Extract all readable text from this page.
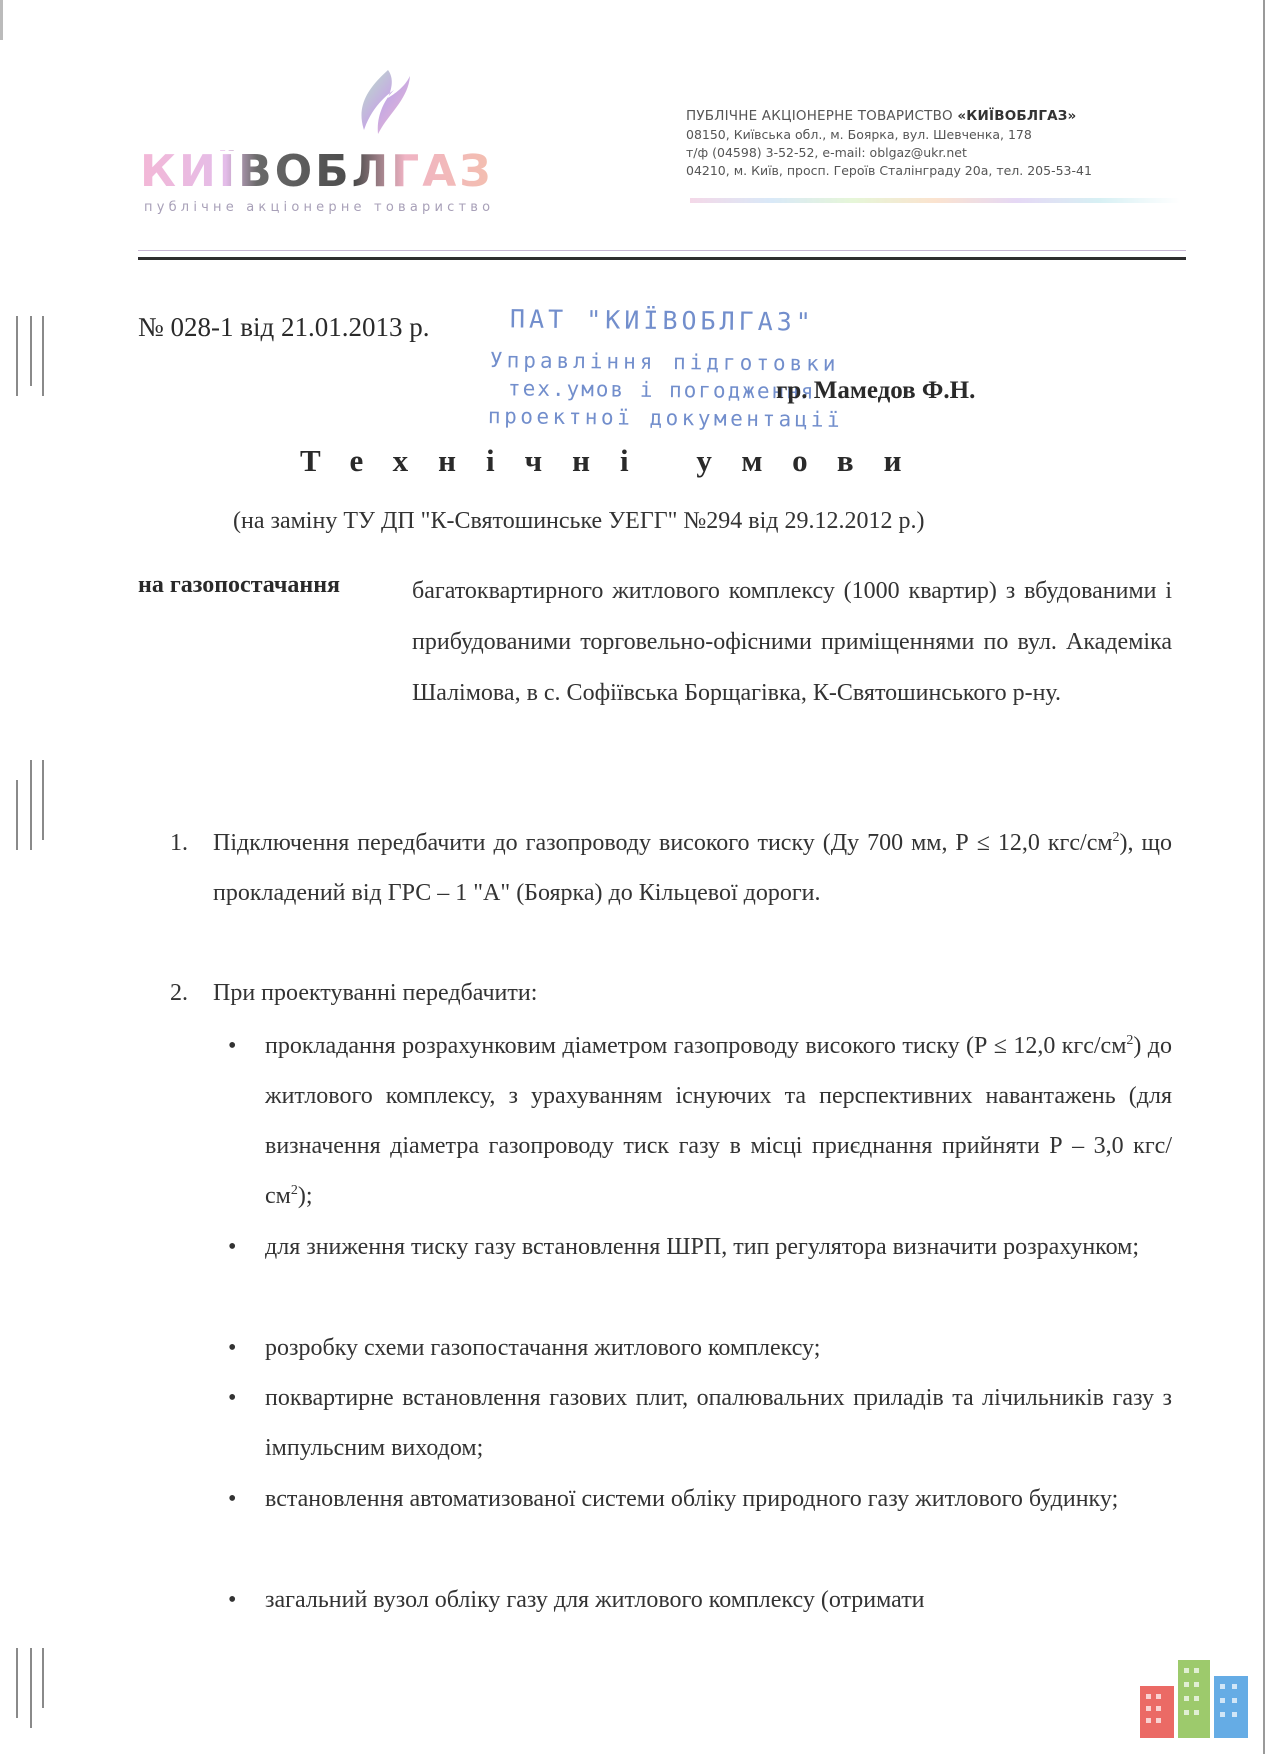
КИЇВОБЛГАЗ
публічне акціонерне товариство
ПУБЛІЧНЕ АКЦІОНЕРНЕ ТОВАРИСТВО «КИЇВОБЛГАЗ»
08150, Київська обл., м. Боярка, вул. Шевченка, 178
т/ф (04598) 3-52-52, e-mail: oblgaz@ukr.net
04210, м. Київ, просп. Героїв Сталінграду 20а, тел. 205-53-41
№ 028-1 від 21.01.2013 р.	ПАТ "КИЇВОБЛГАЗ"
Управління підготовки
тех.умов і погодження
проектної документації
гр. Мамедов Ф.Н.
Технічні умови
(на заміну ТУ ДП "К-Святошинське УЕГГ" №294 від 29.12.2012 р.)
на газопостачання	багатоквартирного житлового комплексу (1000 квартир) з вбудованими і прибудованими торговельно-офісними приміщеннями по вул. Академіка Шалімова, в с. Софіївська Борщагівка, К-Святошинського р-ну.
1. Підключення передбачити до газопроводу високого тиску (Ду 700 мм, Р ≤ 12,0 кгс/$см^2$), що прокладений від ГРС – 1 "А" (Боярка) до Кільцевої дороги.
2. При проектуванні передбачити:
• прокладання розрахунковим діаметром газопроводу високого тиску (Р ≤ 12,0 кгс/$см^2$) до житлового комплексу, з урахуванням існуючих та перспективних навантажень (для визначення діаметра газопроводу тиск газу в місці приєднання прийняти Р – 3,0 кгс/$см^2$);
• для зниження тиску газу встановлення ШРП, тип регулятора визначити розрахунком;
• розробку схеми газопостачання житлового комплексу;
• поквартирне встановлення газових плит, опалювальних приладів та лічильників газу з імпульсним виходом;
• встановлення автоматизованої системи обліку природного газу житлового будинку;
• загальний вузол обліку газу для житлового комплексу (отримати
